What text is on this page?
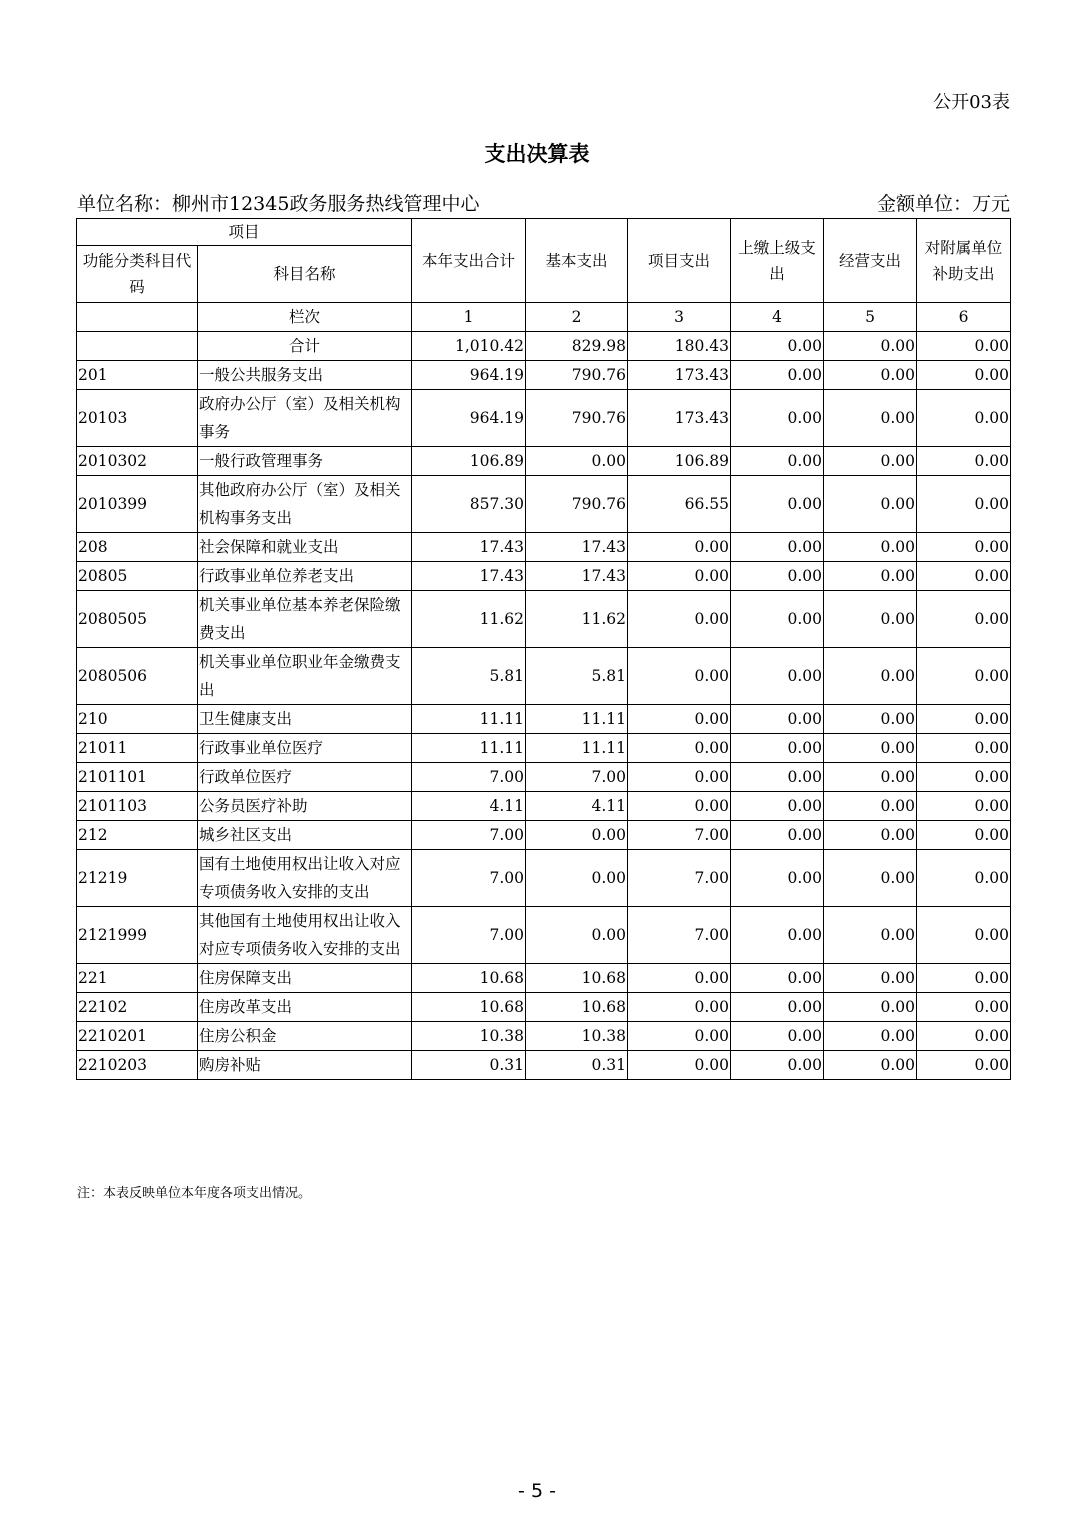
公开03表
支出决算表
单位名称：柳州市12345政务服务热线管理中心	金额单位：万元
项目		本年支出合计	基本支出	项目支出	上缴上级支出	经营支出	对附属单位补助支出
功能分类科目代码	科目名称						
	栏次	1	2	3	4	5	6
	合计	1,010.42	829.98	180.43	0.00	0.00	0.00
201	一般公共服务支出	964.19	790.76	173.43	0.00	0.00	0.00
20103	政府办公厅（室）及相关机构事务	964.19	790.76	173.43	0.00	0.00	0.00
2010302	一般行政管理事务	106.89	0.00	106.89	0.00	0.00	0.00
2010399	其他政府办公厅（室）及相关机构事务支出	857.30	790.76	66.55	0.00	0.00	0.00
208	社会保障和就业支出	17.43	17.43	0.00	0.00	0.00	0.00
20805	行政事业单位养老支出	17.43	17.43	0.00	0.00	0.00	0.00
2080505	机关事业单位基本养老保险缴费支出	11.62	11.62	0.00	0.00	0.00	0.00
2080506	机关事业单位职业年金缴费支出	5.81	5.81	0.00	0.00	0.00	0.00
210	卫生健康支出	11.11	11.11	0.00	0.00	0.00	0.00
21011	行政事业单位医疗	11.11	11.11	0.00	0.00	0.00	0.00
2101101	行政单位医疗	7.00	7.00	0.00	0.00	0.00	0.00
2101103	公务员医疗补助	4.11	4.11	0.00	0.00	0.00	0.00
212	城乡社区支出	7.00	0.00	7.00	0.00	0.00	0.00
21219	国有土地使用权出让收入对应专项债务收入安排的支出	7.00	0.00	7.00	0.00	0.00	0.00
2121999	其他国有土地使用权出让收入对应专项债务收入安排的支出	7.00	0.00	7.00	0.00	0.00	0.00
221	住房保障支出	10.68	10.68	0.00	0.00	0.00	0.00
22102	住房改革支出	10.68	10.68	0.00	0.00	0.00	0.00
2210201	住房公积金	10.38	10.38	0.00	0.00	0.00	0.00
2210203	购房补贴	0.31	0.31	0.00	0.00	0.00	0.00
注：本表反映单位本年度各项支出情况。
- 5 -
